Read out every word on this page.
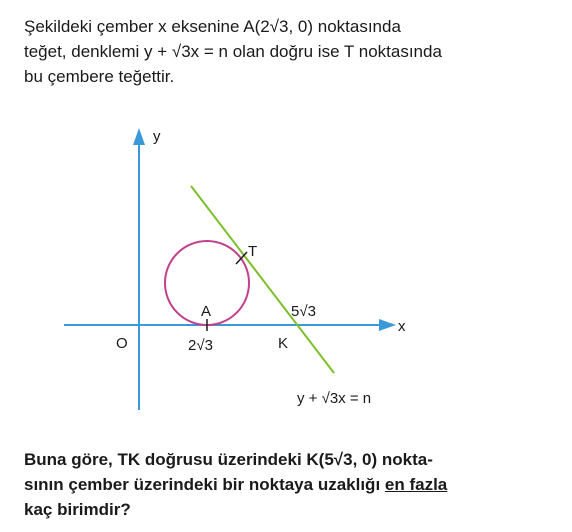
Şekildeki çember x eksenine A(2√3, 0) noktasında

teğet, denklemi y + √3x = n olan doğru ise T noktasında

bu çembere teğettir.

y
x
O
A
2√3	K
5√3
T
y + √3x = n

Buna göre, TK doğrusu üzerindeki K(5√3, 0) nokta-

sının çember üzerindeki bir noktaya uzaklığı en fazla

kaç birimdir?
